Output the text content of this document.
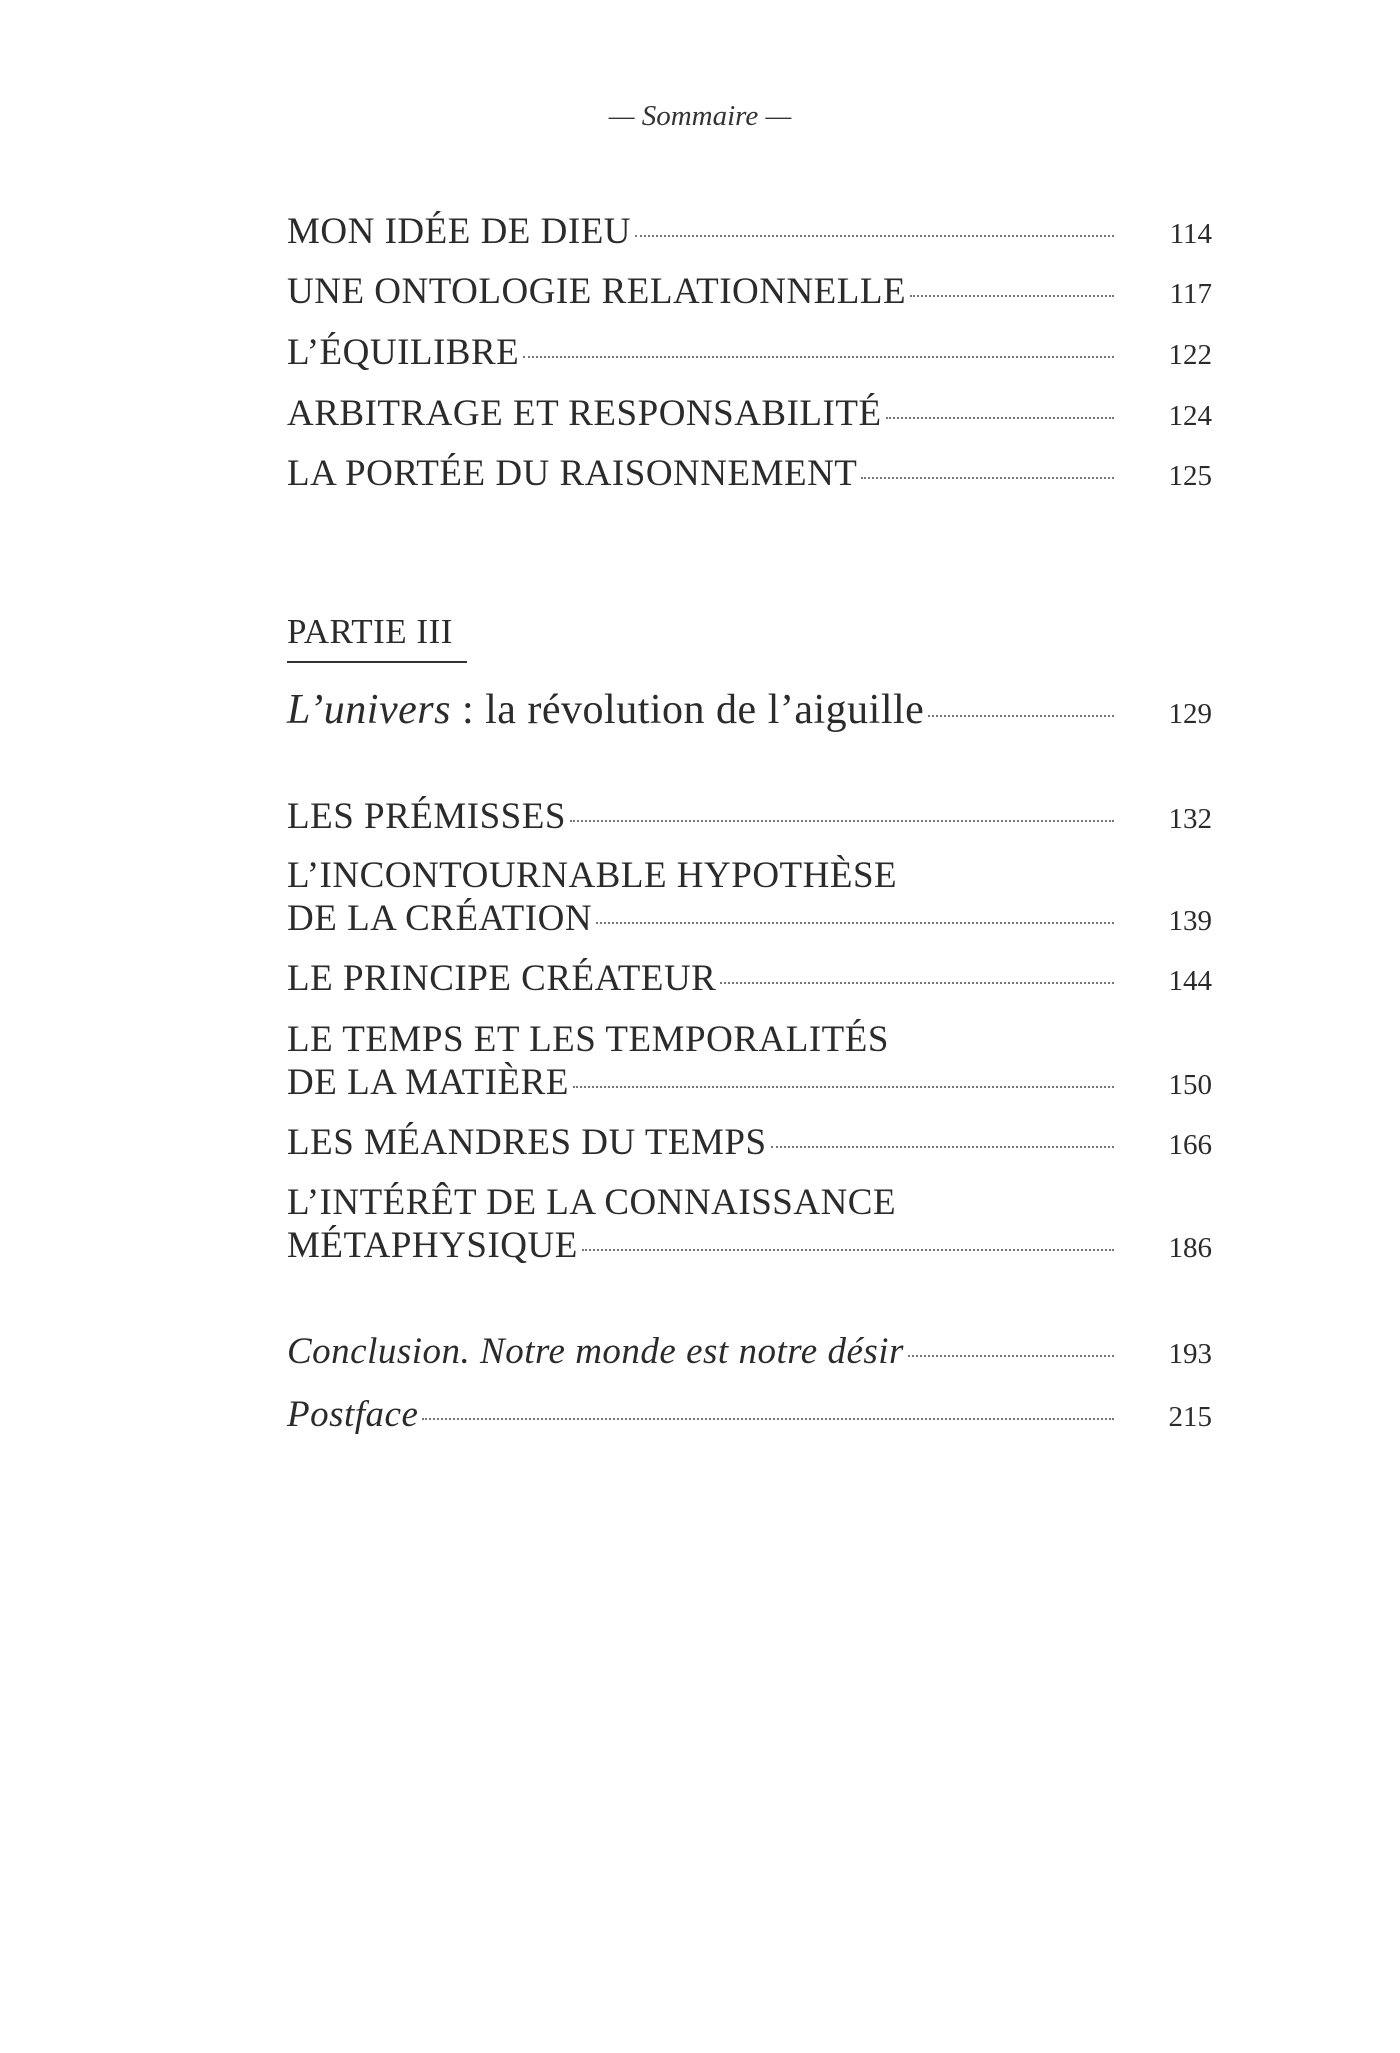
— Sommaire —
MON IDÉE DE DIEU	114
UNE ONTOLOGIE RELATIONNELLE	117
L’ÉQUILIBRE	122
ARBITRAGE ET RESPONSABILITÉ	124
LA PORTÉE DU RAISONNEMENT	125
PARTIE III
L’univers : la révolution de l’aiguille	129
LES PRÉMISSES	132
L’INCONTOURNABLE HYPOTHÈSE
DE LA CRÉATION	139
LE PRINCIPE CRÉATEUR	144
LE TEMPS ET LES TEMPORALITÉS
DE LA MATIÈRE	150
LES MÉANDRES DU TEMPS	166
L’INTÉRÊT DE LA CONNAISSANCE
MÉTAPHYSIQUE	186
Conclusion. Notre monde est notre désir	193
Postface	215
